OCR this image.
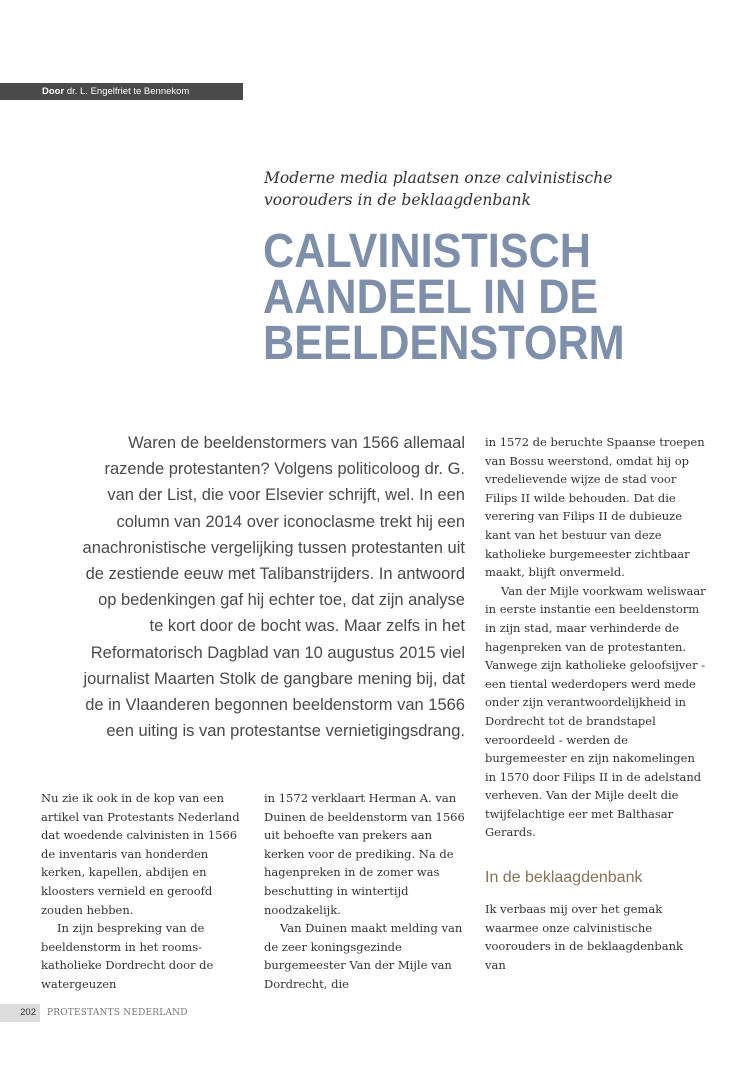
Door dr. L. Engelfriet te Bennekom
Moderne media plaatsen onze calvinistische voorouders in de beklaagdenbank
CALVINISTISCH
AANDEEL IN DE
BEELDENSTORM
Waren de beeldenstormers van 1566 allemaal razende protestanten? Volgens politicoloog dr. G. van der List, die voor Elsevier schrijft, wel. In een column van 2014 over iconoclasme trekt hij een anachronistische vergelijking tussen protestanten uit de zestiende eeuw met Talibanstrijders. In antwoord op bedenkingen gaf hij echter toe, dat zijn analyse te kort door de bocht was. Maar zelfs in het Reformatorisch Dagblad van 10 augustus 2015 viel journalist Maarten Stolk de gangbare mening bij, dat de in Vlaanderen begonnen beeldenstorm van 1566 een uiting is van protestantse vernietigingsdrang.

Nu zie ik ook in de kop van een artikel van Protestants Nederland dat woedende calvinisten in 1566 de inventaris van honderden kerken, kapellen, abdijen en kloosters vernield en geroofd zouden hebben.

In zijn bespreking van de beeldenstorm in het rooms-katholieke Dordrecht door de watergeuzen

in 1572 verklaart Herman A. van Duinen de beeldenstorm van 1566 uit behoefte van prekers aan kerken voor de prediking. Na de hagenpreken in de zomer was beschutting in wintertijd noodzakelijk.

Van Duinen maakt melding van de zeer koningsgezinde burgemeester Van der Mijle van Dordrecht, die

in 1572 de beruchte Spaanse troepen van Bossu weerstond, omdat hij op vredelievende wijze de stad voor Filips II wilde behouden. Dat die verering van Filips II de dubieuze kant van het bestuur van deze katholieke burgemeester zichtbaar maakt, blijft onvermeld.

Van der Mijle voorkwam weliswaar in eerste instantie een beeldenstorm in zijn stad, maar verhinderde de hagenpreken van de protestanten. Vanwege zijn katholieke geloofsijver - een tiental wederdopers werd mede onder zijn verantwoordelijkheid in Dordrecht tot de brandstapel veroordeeld - werden de burgemeester en zijn nakomelingen in 1570 door Filips II in de adelstand verheven. Van der Mijle deelt die twijfelachtige eer met Balthasar Gerards.

In de beklaagdenbank

Ik verbaas mij over het gemak waarmee onze calvinistische voorouders in de beklaagdenbank van

202	PROTESTANTS NEDERLAND
